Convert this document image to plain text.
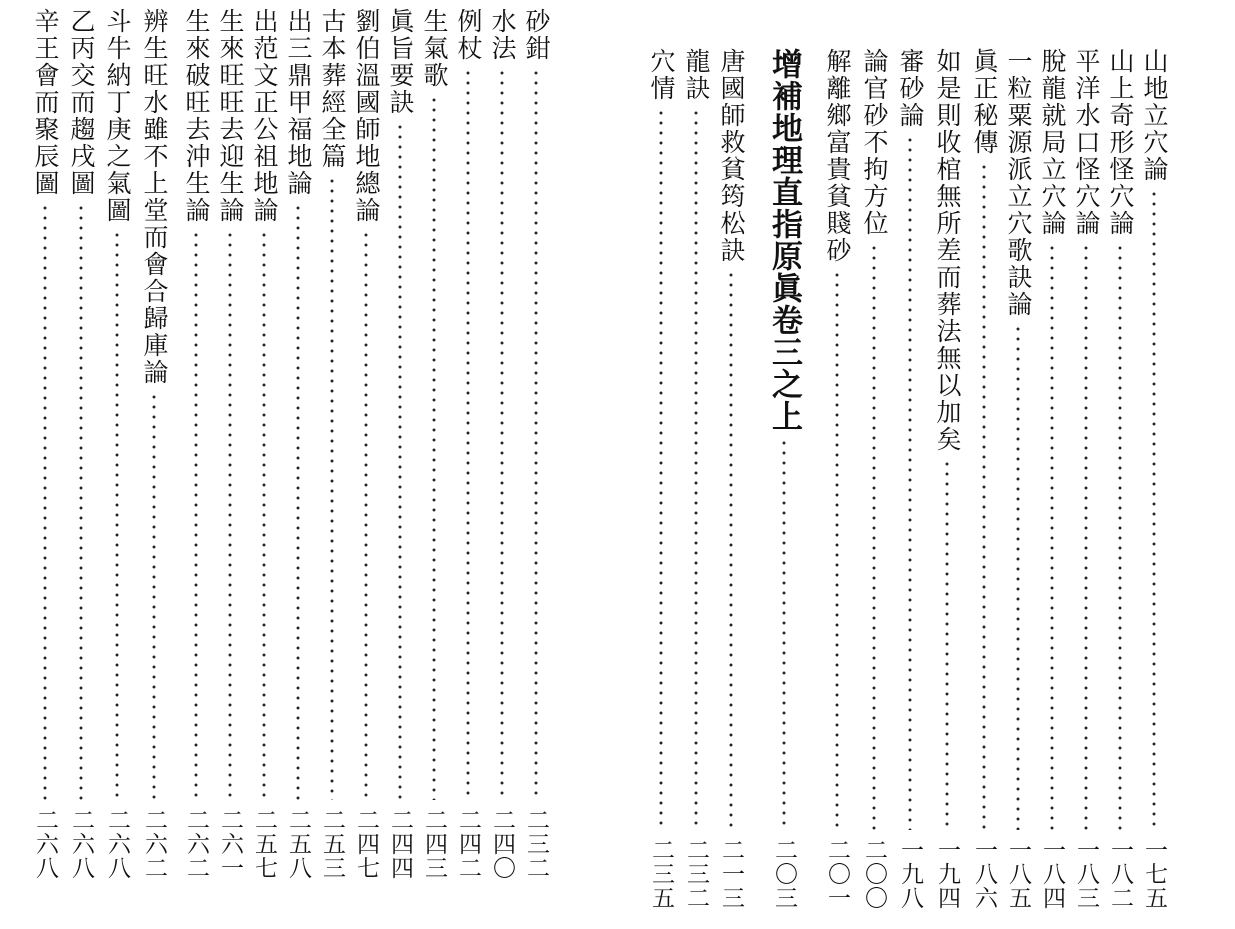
砂鉗
二三二
水法
二四〇
例杖
二四二
生氣歌
二四三
眞旨要訣
二四四
劉伯溫國師地總論
二四七
古本葬經全篇
二五三
出三鼎甲福地論
二五八
出范文正公祖地論
二五七
生來旺旺去迎生論
二六一
生來破旺去沖生論
二六二
辨生旺水雖不上堂而會合歸庫論
二六二
斗牛納丁庚之氣圖
二六八
乙丙交而趨戌圖
二六八
辛王會而聚辰圖
二六八
山地立穴論
一七五
山上奇形怪穴論
一八二
平洋水口怪穴論
一八三
脫龍就局立穴論
一八四
一粒粟源派立穴歌訣論
一八五
眞正秘傳
一八六
如是則收棺無所差而葬法無以加矣
一九四
審砂論
一九八
論官砂不拘方位
二〇〇
解離鄉富貴貧賤砂
二〇一
增補地理直指原眞卷三之上
二〇三
唐國師救貧筠松訣
二一三
龍訣
二三二
穴情
二三五
